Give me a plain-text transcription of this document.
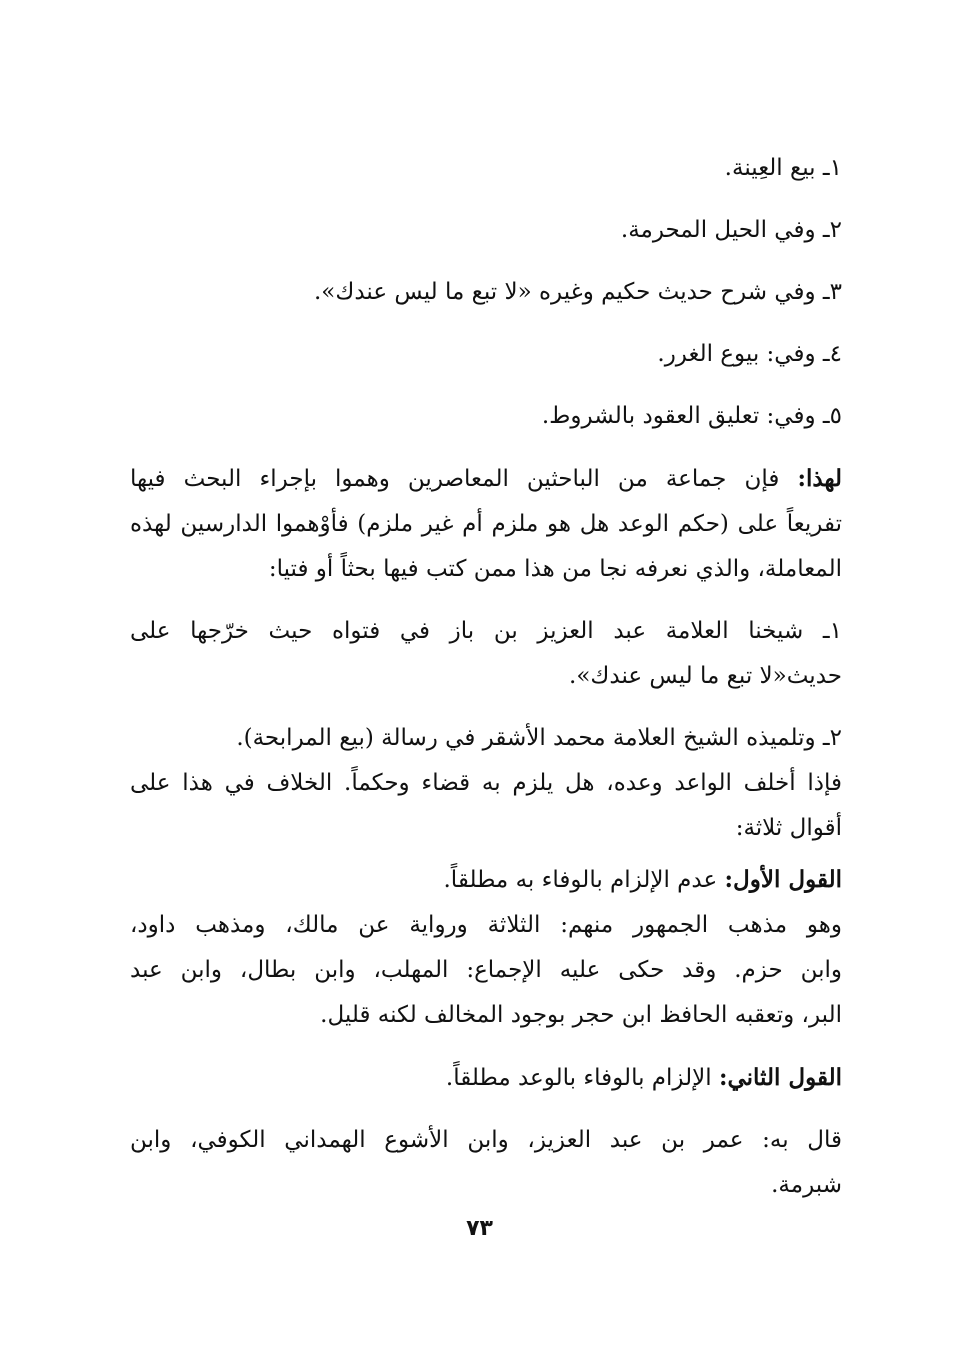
١ـ بيع العِينة.
٢ـ وفي الحيل المحرمة.
٣ـ وفي شرح حديث حكيم وغيره «لا تبع ما ليس عندك».
٤ـ وفي: بيوع الغرر.
٥ـ وفي: تعليق العقود بالشروط.
لهذا: فإن جماعة من الباحثين المعاصرين وهموا بإجراء البحث فيها
تفريعاً على (حكم الوعد هل هو ملزم أم غير ملزم) فأوْهموا الدارسين لهذه
المعاملة، والذي نعرفه نجا من هذا ممن كتب فيها بحثاً أو فتيا:
١ـ شيخنا العلامة عبد العزيز بن باز في فتواه حيث خرّجها على
حديث«لا تبع ما ليس عندك».
٢ـ وتلميذه الشيخ العلامة محمد الأشقر في رسالة (بيع المرابحة).
فإذا أخلف الواعد وعده، هل يلزم به قضاء وحكماً. الخلاف في هذا على
أقوال ثلاثة:
القول الأول: عدم الإلزام بالوفاء به مطلقاً.
وهو مذهب الجمهور منهم: الثلاثة ورواية عن مالك، ومذهب داود،
وابن حزم. وقد حكى عليه الإجماع: المهلب، وابن بطال، وابن عبد
البر، وتعقبه الحافظ ابن حجر بوجود المخالف لكنه قليل.
القول الثاني: الإلزام بالوفاء بالوعد مطلقاً.
قال به: عمر بن عبد العزيز، وابن الأشوع الهمداني الكوفي، وابن
شبرمة.
٧٣
